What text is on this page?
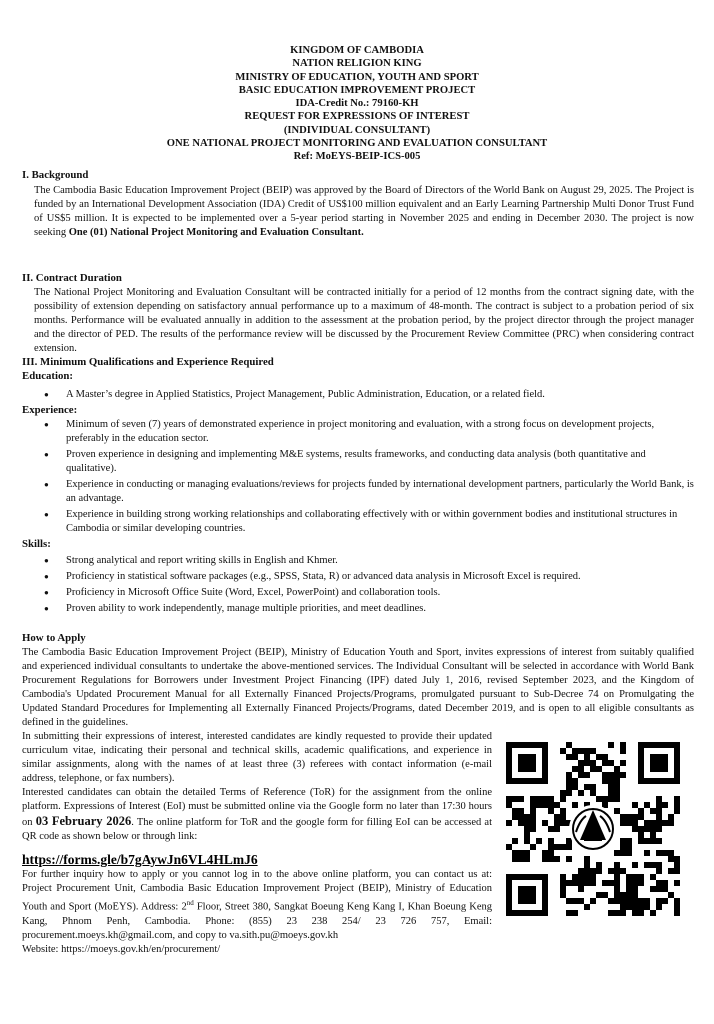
KINGDOM OF CAMBODIA
NATION RELIGION KING
MINISTRY OF EDUCATION, YOUTH AND SPORT
BASIC EDUCATION IMPROVEMENT PROJECT
IDA-Credit No.: 79160-KH
REQUEST FOR EXPRESSIONS OF INTEREST
(INDIVIDUAL CONSULTANT)
ONE NATIONAL PROJECT MONITORING AND EVALUATION CONSULTANT
Ref: MoEYS-BEIP-ICS-005
I. Background
The Cambodia Basic Education Improvement Project (BEIP) was approved by the Board of Directors of the World Bank on August 29, 2025. The Project is funded by an International Development Association (IDA) Credit of US$100 million equivalent and an Early Learning Partnership Multi Donor Trust Fund of US$5 million. It is expected to be implemented over a 5-year period starting in November 2025 and ending in December 2030. The project is now seeking One (01) National Project Monitoring and Evaluation Consultant.
II. Contract Duration
The National Project Monitoring and Evaluation Consultant will be contracted initially for a period of 12 months from the contract signing date, with the possibility of extension depending on satisfactory annual performance up to a maximum of 48-month. The contract is subject to a probation period of six months. Performance will be evaluated annually in addition to the assessment at the probation period, by the project director through the project manager and the director of PED. The results of the performance review will be discussed by the Procurement Review Committee (PRC) when considering contract extension.
III. Minimum Qualifications and Experience Required
Education:
● A Master’s degree in Applied Statistics, Project Management, Public Administration, Education, or a related field.
Experience:
● Minimum of seven (7) years of demonstrated experience in project monitoring and evaluation, with a strong focus on development projects, preferably in the education sector.
● Proven experience in designing and implementing M&E systems, results frameworks, and conducting data analysis (both quantitative and qualitative).
● Experience in conducting or managing evaluations/reviews for projects funded by international development partners, particularly the World Bank, is an advantage.
● Experience in building strong working relationships and collaborating effectively with or within government bodies and institutional structures in Cambodia or similar developing countries.
Skills:
● Strong analytical and report writing skills in English and Khmer.
● Proficiency in statistical software packages (e.g., SPSS, Stata, R) or advanced data analysis in Microsoft Excel is required.
● Proficiency in Microsoft Office Suite (Word, Excel, PowerPoint) and collaboration tools.
● Proven ability to work independently, manage multiple priorities, and meet deadlines.
How to Apply
The Cambodia Basic Education Improvement Project (BEIP), Ministry of Education Youth and Sport, invites expressions of interest from suitably qualified and experienced individual consultants to undertake the above-mentioned services. The Individual Consultant will be selected in accordance with World Bank Procurement Regulations for Borrowers under Investment Project Financing (IPF) dated July 1, 2016, revised September 2023, and the Kingdom of Cambodia's Updated Procurement Manual for all Externally Financed Projects/Programs, promulgated pursuant to Sub-Decree 74 on Promulgating the Updated Standard Procedures for Implementing all Externally Financed Projects/Programs, dated December 2019, and is open to all eligible consultants as defined in the guidelines.

In submitting their expressions of interest, interested candidates are kindly requested to provide their updated curriculum vitae, indicating their personal and technical skills, academic qualifications, and experience in similar assignments, along with the names of at least three (3) referees with contact information (e-mail address, telephone, or fax numbers).

Interested candidates can obtain the detailed Terms of Reference (ToR) for the assignment from the online platform. Expressions of Interest (EoI) must be submitted online via the Google form no later than 17:30 hours on 03 February 2026. The online platform for ToR and the google form for filling EoI can be accessed at QR code as shown below or through link:

https://forms.gle/b7gAywJn6VL4HLmJ6
For further inquiry how to apply or you cannot log in to the above online platform, you can contact us at: Project Procurement Unit, Cambodia Basic Education Improvement Project (BEIP), Ministry of Education Youth and Sport (MoEYS). Address: 2nd Floor, Street 380, Sangkat Boeung Keng Kang I, Khan Boeung Keng Kang, Phnom Penh, Cambodia. Phone: (855) 23 238 254/ 23 726 757, Email: procurement.moeys.kh@gmail.com, and copy to va.sith.pu@moeys.gov.kh
Website: https://moeys.gov.kh/en/procurement/
